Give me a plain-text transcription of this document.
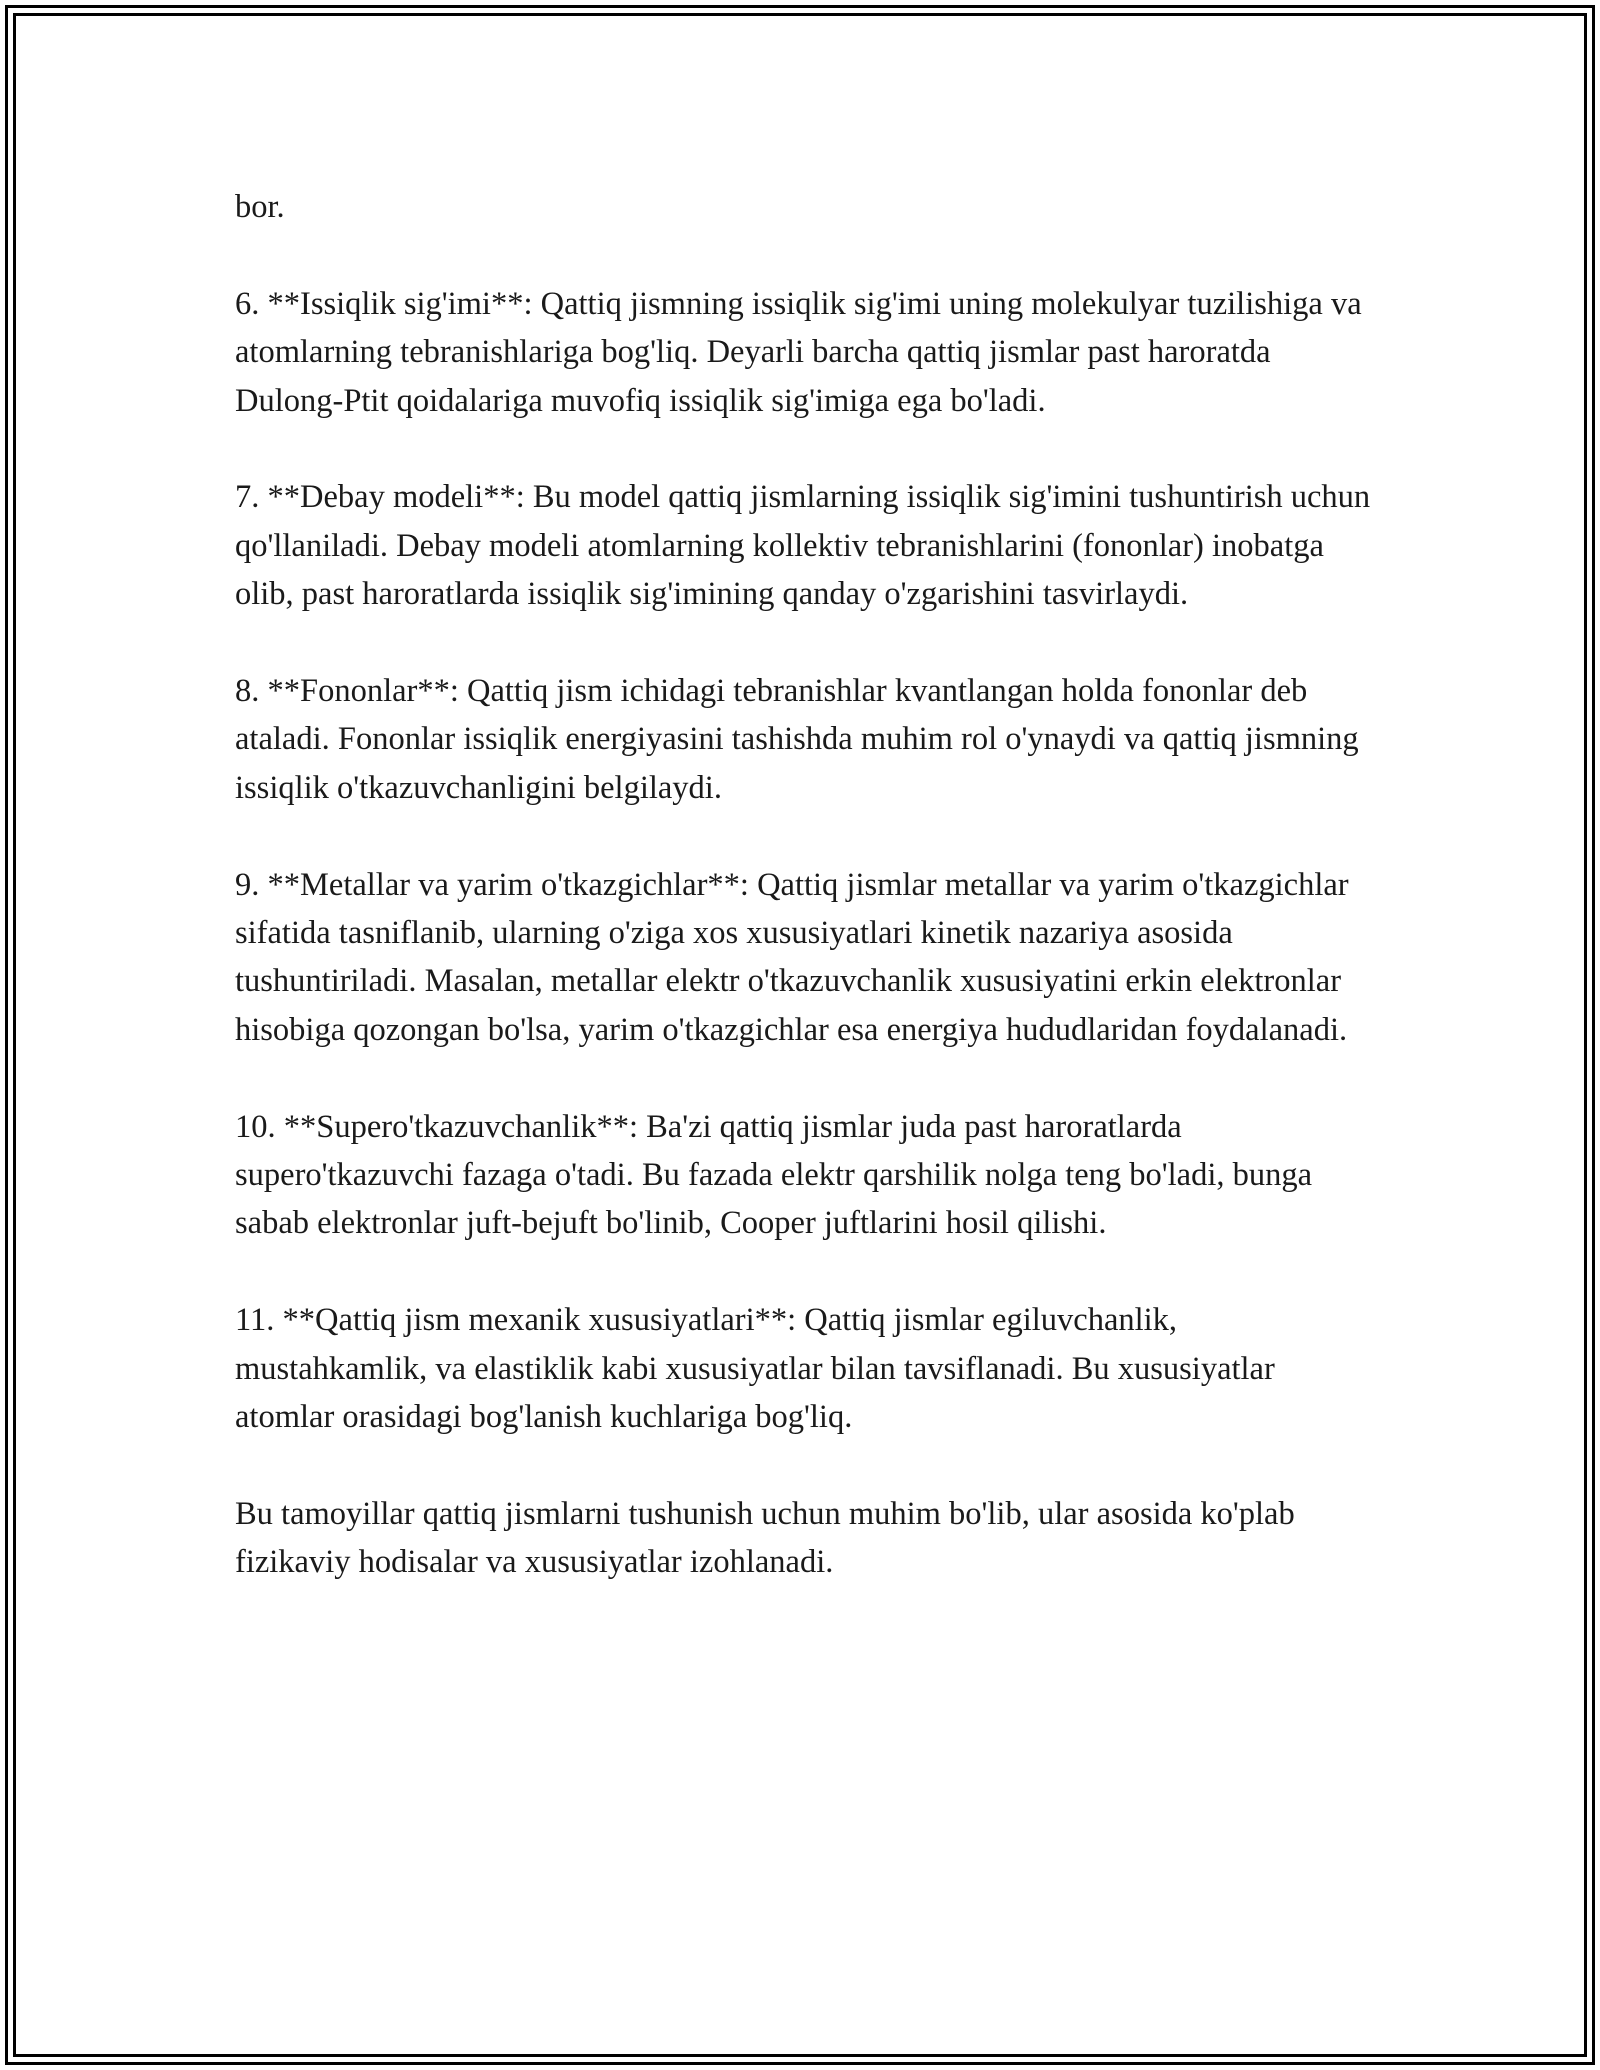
bor.

6. **Issiqlik sig'imi**: Qattiq jismning issiqlik sig'imi uning molekulyar tuzilishiga va atomlarning tebranishlariga bog'liq. Deyarli barcha qattiq jismlar past haroratda Dulong-Ptit qoidalariga muvofiq issiqlik sig'imiga ega bo'ladi.

7. **Debay modeli**: Bu model qattiq jismlarning issiqlik sig'imini tushuntirish uchun qo'llaniladi. Debay modeli atomlarning kollektiv tebranishlarini (fononlar) inobatga olib, past haroratlarda issiqlik sig'imining qanday o'zgarishini tasvirlaydi.

8. **Fononlar**: Qattiq jism ichidagi tebranishlar kvantlangan holda fononlar deb ataladi. Fononlar issiqlik energiyasini tashishda muhim rol o'ynaydi va qattiq jismning issiqlik o'tkazuvchanligini belgilaydi.

9. **Metallar va yarim o'tkazgichlar**: Qattiq jismlar metallar va yarim o'tkazgichlar sifatida tasniflanib, ularning o'ziga xos xususiyatlari kinetik nazariya asosida tushuntiriladi. Masalan, metallar elektr o'tkazuvchanlik xususiyatini erkin elektronlar hisobiga qozongan bo'lsa, yarim o'tkazgichlar esa energiya hududlaridan foydalanadi.

10. **Supero'tkazuvchanlik**: Ba'zi qattiq jismlar juda past haroratlarda supero'tkazuvchi fazaga o'tadi. Bu fazada elektr qarshilik nolga teng bo'ladi, bunga sabab elektronlar juft-bejuft bo'linib, Cooper juftlarini hosil qilishi.

11. **Qattiq jism mexanik xususiyatlari**: Qattiq jismlar egiluvchanlik, mustahkamlik, va elastiklik kabi xususiyatlar bilan tavsiflanadi. Bu xususiyatlar atomlar orasidagi bog'lanish kuchlariga bog'liq.

Bu tamoyillar qattiq jismlarni tushunish uchun muhim bo'lib, ular asosida ko'plab fizikaviy hodisalar va xususiyatlar izohlanadi.
